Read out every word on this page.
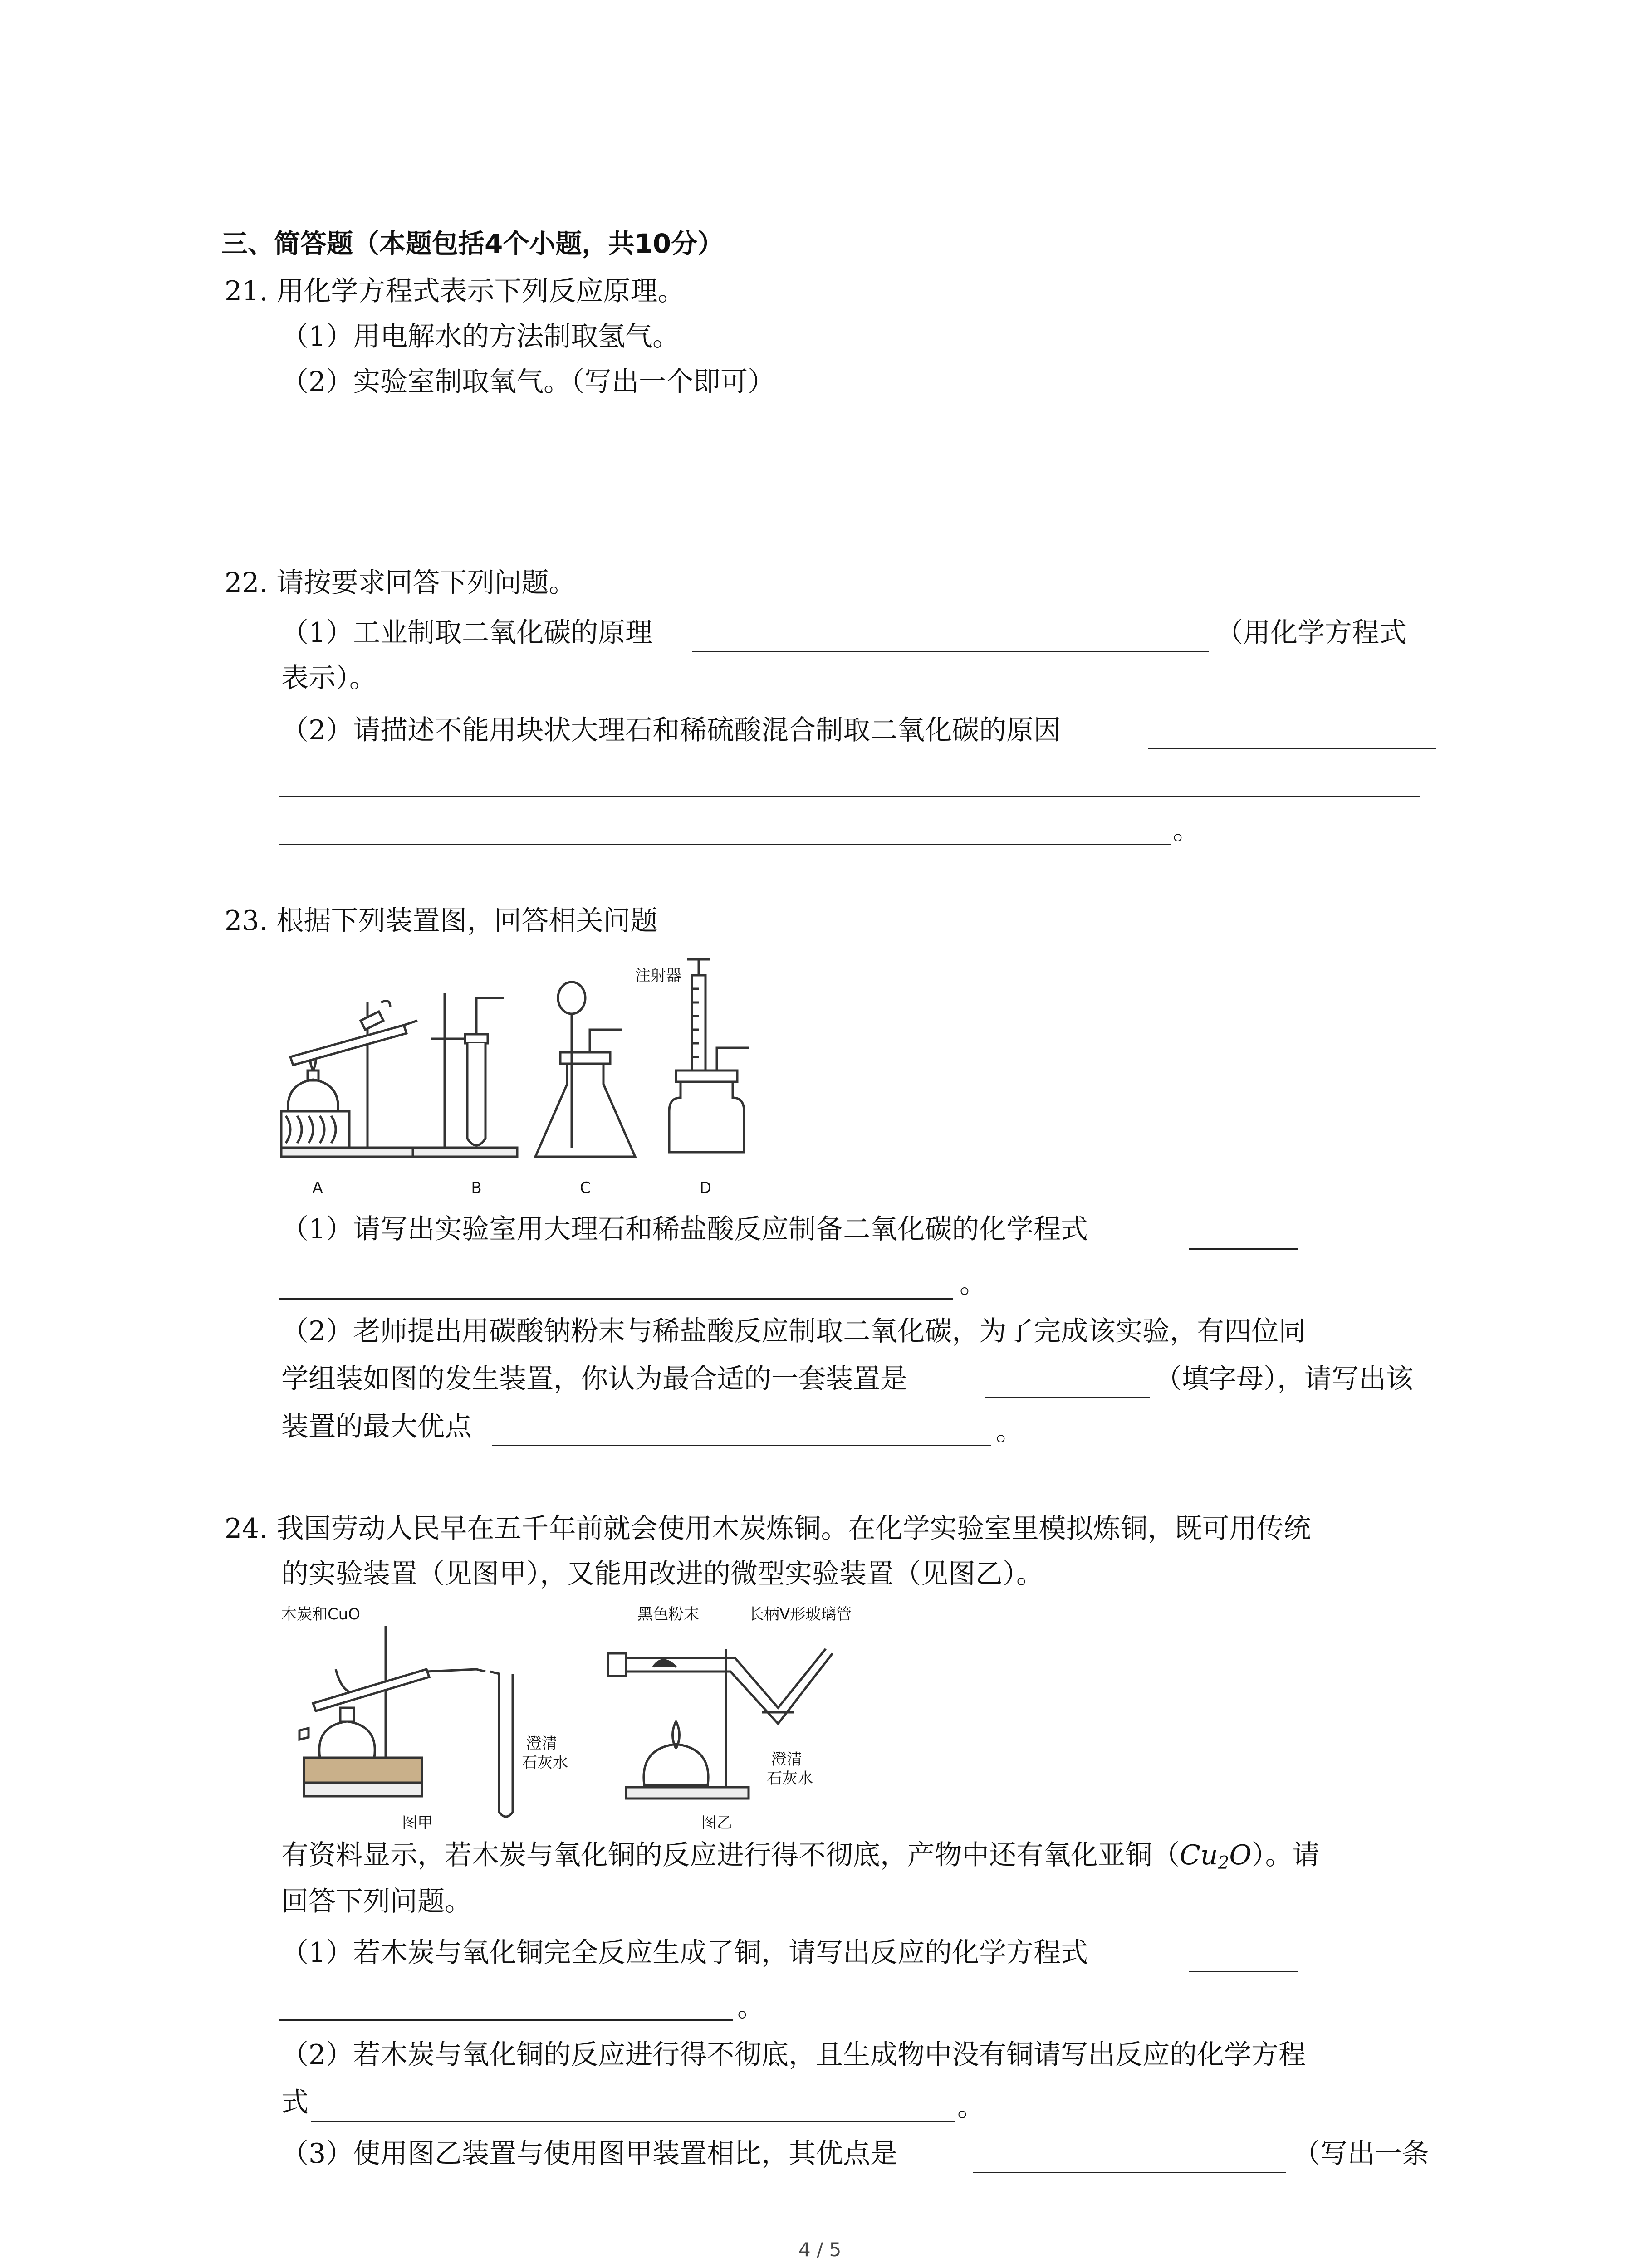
三、简答题（本题包括4个小题，共10分）
21. 用化学方程式表示下列反应原理。
（1）用电解水的方法制取氢气。
（2）实验室制取氧气。（写出一个即可）
22. 请按要求回答下列问题。
（1）工业制取二氧化碳的原理	（用化学方程式
表示）。
（2）请描述不能用块状大理石和稀硫酸混合制取二氧化碳的原因
。
23. 根据下列装置图，回答相关问题
注射器
A	B	C	D
（1）请写出实验室用大理石和稀盐酸反应制备二氧化碳的化学程式
。
（2）老师提出用碳酸钠粉末与稀盐酸反应制取二氧化碳，为了完成该实验，有四位同
学组装如图的发生装置，你认为最合适的一套装置是	（填字母），请写出该
装置的最大优点	。
24. 我国劳动人民早在五千年前就会使用木炭炼铜。在化学实验室里模拟炼铜，既可用传统
的实验装置（见图甲），又能用改进的微型实验装置（见图乙）。
木炭和CuO
澄清
石灰水
图甲
黑色粉末	长柄V形玻璃管
澄清
石灰水
图乙
有资料显示，若木炭与氧化铜的反应进行得不彻底，产物中还有氧化亚铜$(Cu_2O)$。请
回答下列问题。
（1）若木炭与氧化铜完全反应生成了铜，请写出反应的化学方程式
。
（2）若木炭与氧化铜的反应进行得不彻底，且生成物中没有铜请写出反应的化学方程
式	。
（3）使用图乙装置与使用图甲装置相比，其优点是	（写出一条
4 / 5
